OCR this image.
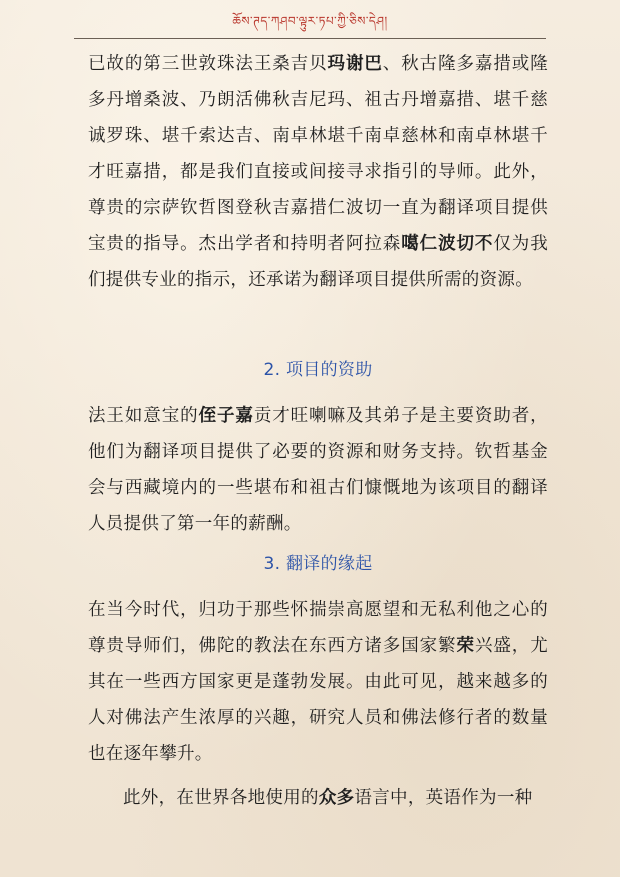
ཆོས་ཊད་ཀཤབ་ལྟུར་ཏཔ་ཀྱི་ཅིས་དེཤ།

已故的第三世敦珠法王桑吉贝玛谢巴、秋古隆多嘉措或隆多丹增桑波、乃朗活佛秋吉尼玛、祖古丹增嘉措、堪千慈诚罗珠、堪千索达吉、南卓林堪千南卓慈林和南卓林堪千才旺嘉措，都是我们直接或间接寻求指引的导师。此外，尊贵的宗萨钦哲图登秋吉嘉措仁波切一直为翻译项目提供宝贵的指导。杰出学者和持明者阿拉森噶仁波切不仅为我们提供专业的指示，还承诺为翻译项目提供所需的资源。

2. 项目的资助

法王如意宝的侄子嘉贡才旺喇嘛及其弟子是主要资助者，他们为翻译项目提供了必要的资源和财务支持。钦哲基金会与西藏境内的一些堪布和祖古们慷慨地为该项目的翻译人员提供了第一年的薪酬。

3. 翻译的缘起

在当今时代，归功于那些怀揣崇高愿望和无私利他之心的尊贵导师们，佛陀的教法在东西方诸多国家繁荣兴盛，尤其在一些西方国家更是蓬勃发展。由此可见，越来越多的人对佛法产生浓厚的兴趣，研究人员和佛法修行者的数量也在逐年攀升。

此外，在世界各地使用的众多语言中，英语作为一种
